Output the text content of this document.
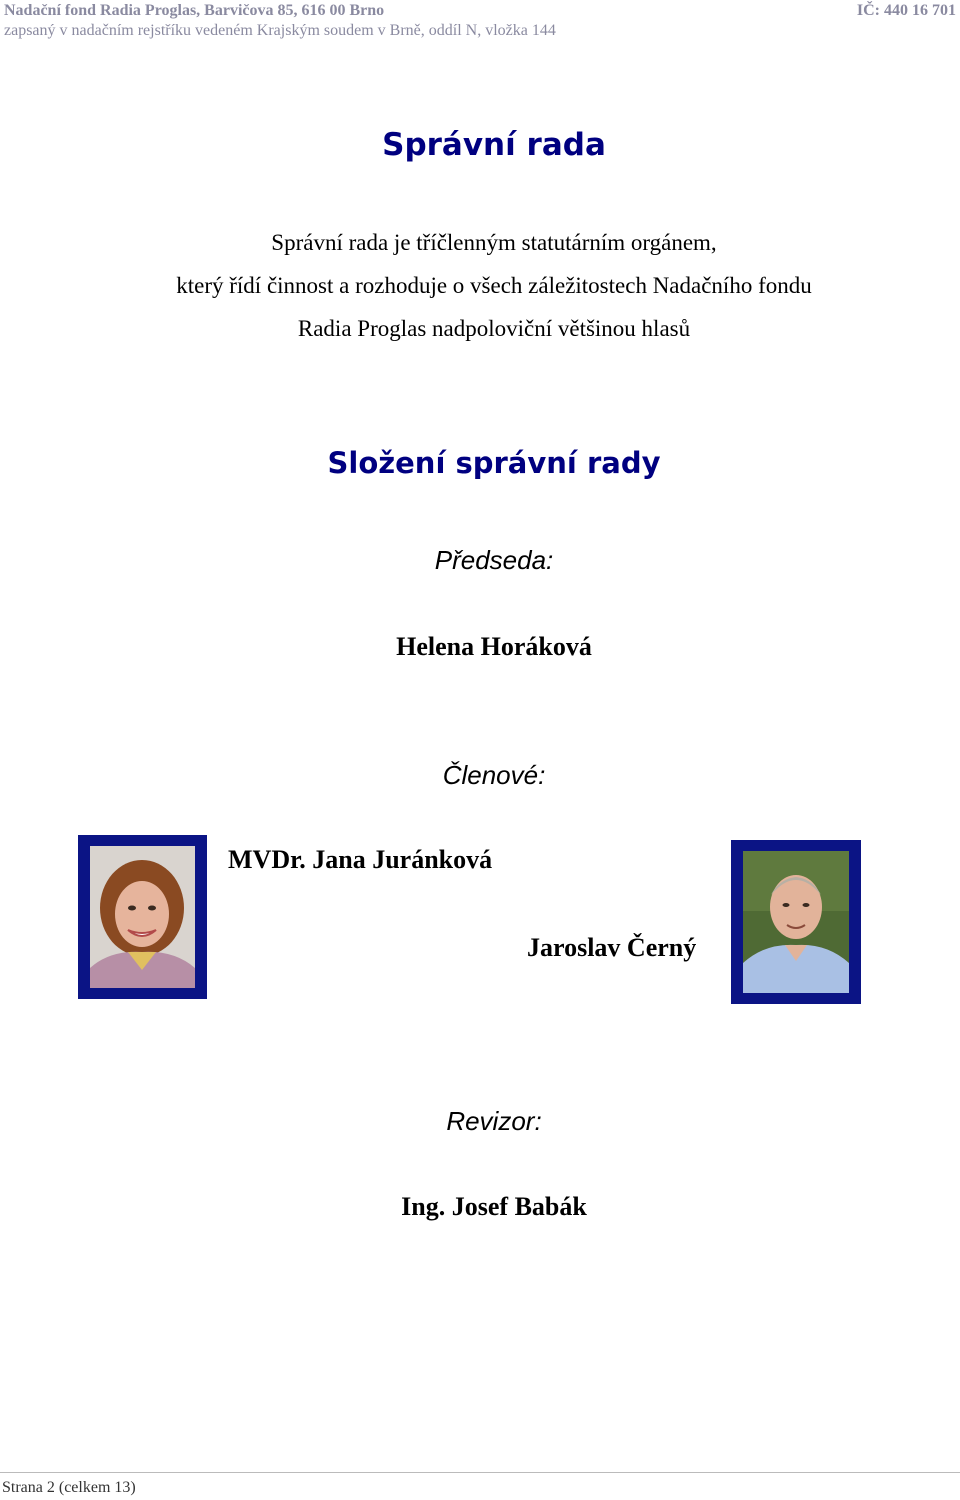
Nadační fond Radia Proglas, Barvičova 85, 616 00 Brno
zapsaný v nadačním rejstříku vedeném Krajským soudem v Brně, oddíl N, vložka 144
IČ: 440 16 701
Správní rada
Správní rada je tříčlenným statutárním orgánem,
který řídí činnost a rozhoduje o všech záležitostech Nadačního fondu
Radia Proglas nadpoloviční většinou hlasů
Složení správní rady
Předseda:
Helena Horáková
Členové:
MVDr. Jana Juránková
Jaroslav Černý
Revizor:
Ing. Josef Babák
Strana 2 (celkem 13)
